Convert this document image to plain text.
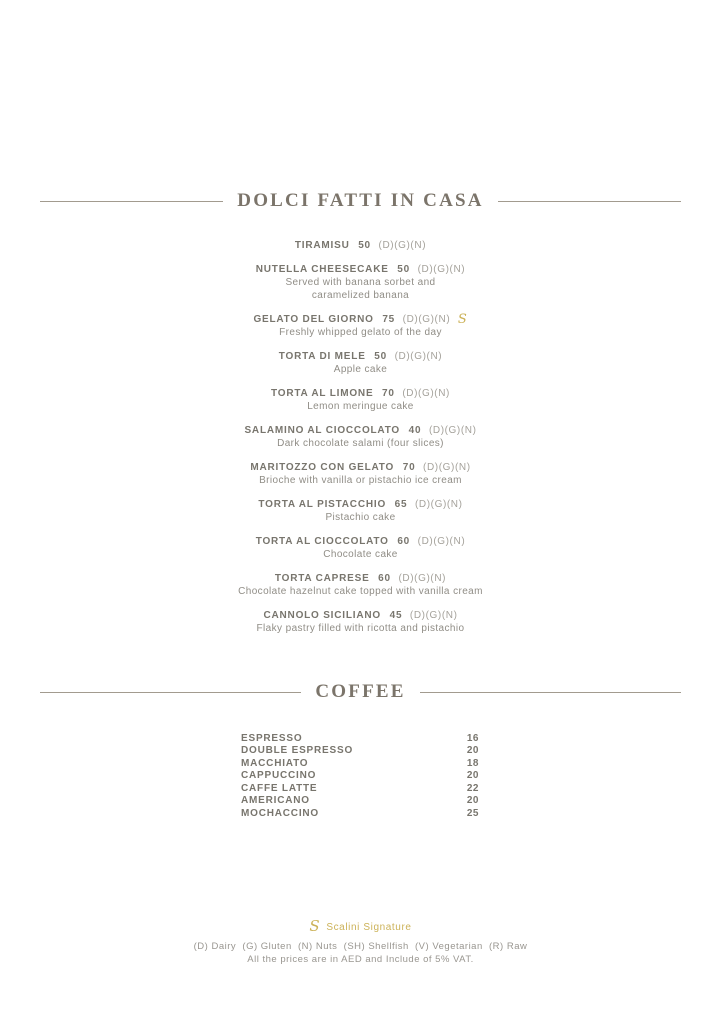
DOLCI FATTI IN CASA
TIRAMISU 50 (D)(G)(N)
NUTELLA CHEESECAKE 50 (D)(G)(N)
Served with banana sorbet and
caramelized banana
GELATO DEL GIORNO 75 (D)(G)(N) S
Freshly whipped gelato of the day
TORTA DI MELE 50 (D)(G)(N)
Apple cake
TORTA AL LIMONE 70 (D)(G)(N)
Lemon meringue cake
SALAMINO AL CIOCCOLATO 40 (D)(G)(N)
Dark chocolate salami (four slices)
MARITOZZO CON GELATO 70 (D)(G)(N)
Brioche with vanilla or pistachio ice cream
TORTA AL PISTACCHIO 65 (D)(G)(N)
Pistachio cake
TORTA AL CIOCCOLATO 60 (D)(G)(N)
Chocolate cake
TORTA CAPRESE 60 (D)(G)(N)
Chocolate hazelnut cake topped with vanilla cream
CANNOLO SICILIANO 45 (D)(G)(N)
Flaky pastry filled with ricotta and pistachio
COFFEE
ESPRESSO	16
DOUBLE ESPRESSO	20
MACCHIATO	18
CAPPUCCINO	20
CAFFE LATTE	22
AMERICANO	20
MOCHACCINO	25
S Scalini Signature
(D) Dairy  (G) Gluten  (N) Nuts  (SH) Shellfish  (V) Vegetarian  (R) Raw
All the prices are in AED and Include of 5% VAT.
